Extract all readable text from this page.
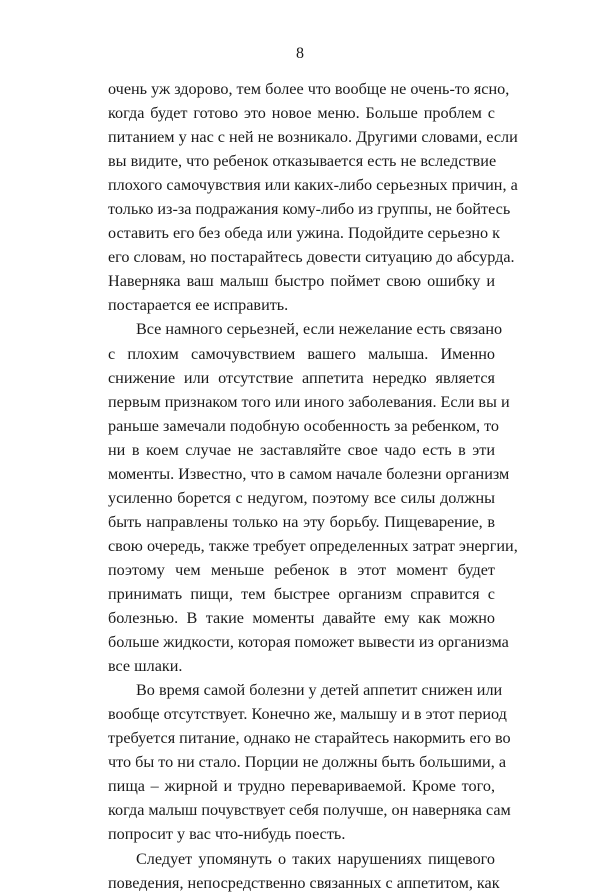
8
очень уж здорово, тем более что вообще не очень-то ясно,
когда будет готово это новое меню. Больше проблем с
питанием у нас с ней не возникало. Другими словами, если
вы видите, что ребенок отказывается есть не вследствие
плохого самочувствия или каких-либо серьезных причин, а
только из-за подражания кому-либо из группы, не бойтесь
оставить его без обеда или ужина. Подойдите серьезно к
его словам, но постарайтесь довести ситуацию до абсурда.
Наверняка ваш малыш быстро поймет свою ошибку и
постарается ее исправить.
Все намного серьезней, если нежелание есть связано
с плохим самочувствием вашего малыша. Именно
снижение или отсутствие аппетита нередко является
первым признаком того или иного заболевания. Если вы и
раньше замечали подобную особенность за ребенком, то
ни в коем случае не заставляйте свое чадо есть в эти
моменты. Известно, что в самом начале болезни организм
усиленно борется с недугом, поэтому все силы должны
быть направлены только на эту борьбу. Пищеварение, в
свою очередь, также требует определенных затрат энергии,
поэтому чем меньше ребенок в этот момент будет
принимать пищи, тем быстрее организм справится с
болезнью. В такие моменты давайте ему как можно
больше жидкости, которая поможет вывести из организма
все шлаки.
Во время самой болезни у детей аппетит снижен или
вообще отсутствует. Конечно же, малышу и в этот период
требуется питание, однако не старайтесь накормить его во
что бы то ни стало. Порции не должны быть большими, а
пища – жирной и трудно перевариваемой. Кроме того,
когда малыш почувствует себя получше, он наверняка сам
попросит у вас что-нибудь поесть.
Следует упомянуть о таких нарушениях пищевого
поведения, непосредственно связанных с аппетитом, как
